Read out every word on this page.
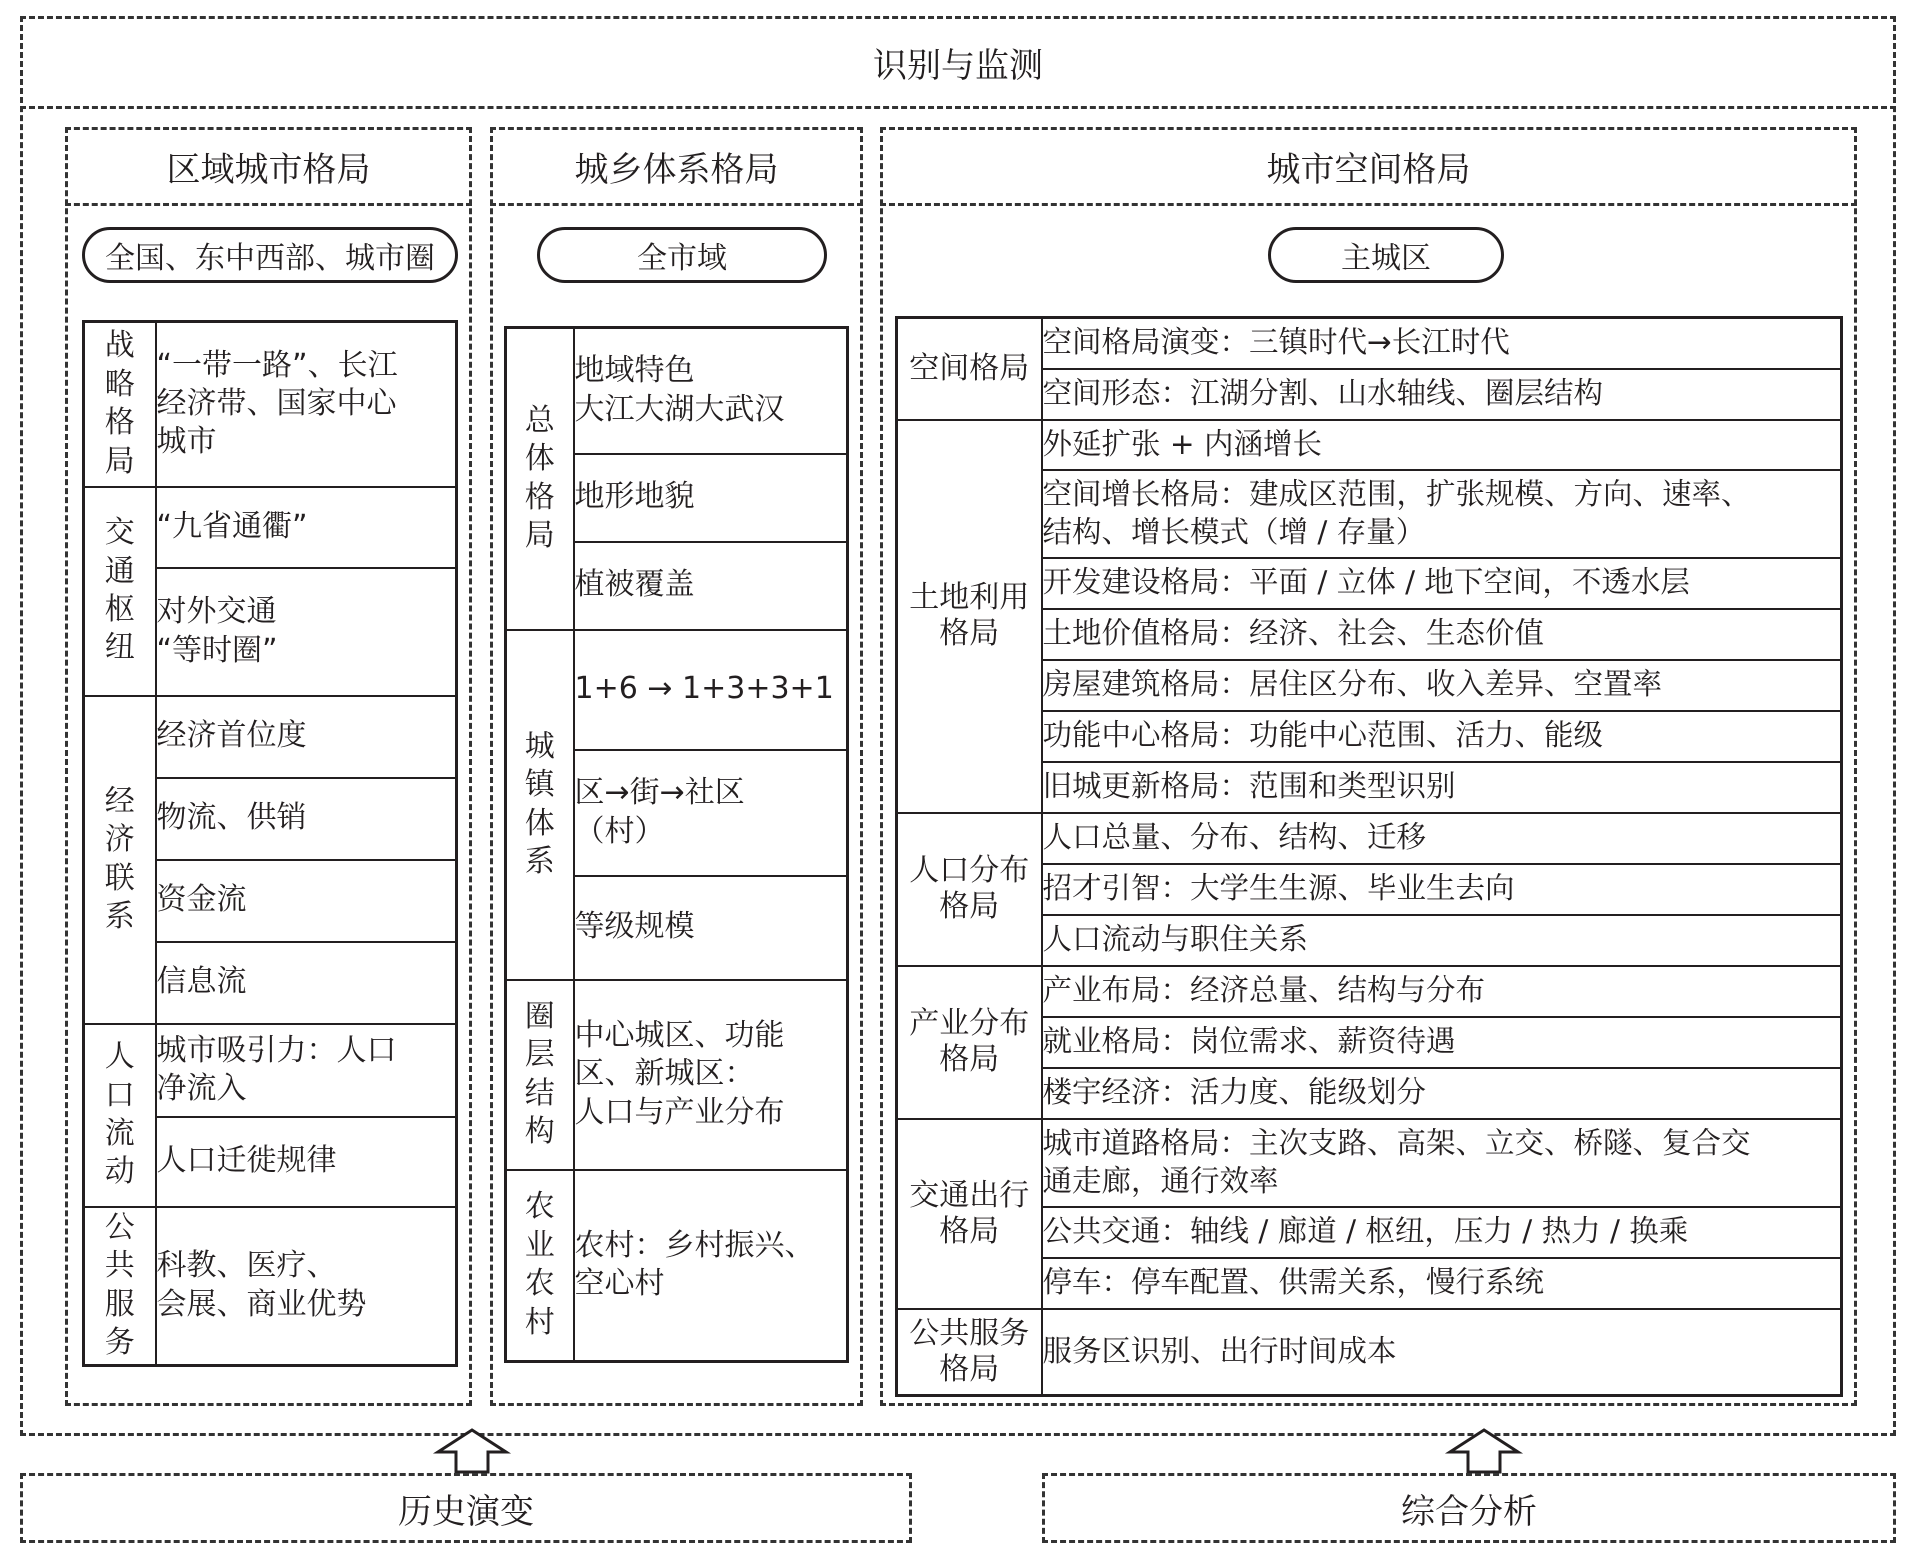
识别与监测
区域城市格局
全国、东中西部、城市圈
战略格局	“一带一路”、长江
经济带、国家中心
城市

交通枢纽	“九省通衢”

	对外交通
“等时圈”

经济联系	经济首位度

	物流、供销

	资金流

	信息流

人口流动	城市吸引力：人口
净流入

	人口迁徙规律

公共服务	科教、医疗、
会展、商业优势
城乡体系格局
全市域
总体格局	地域特色
大江大湖大武汉

	地形地貌

	植被覆盖

城镇体系	1+6 → 1+3+3+1

	区→街→社区
（村）

	等级规模

圈层结构	中心城区、功能
区、新城区：
人口与产业分布

农业农村	农村：乡村振兴、
空心村
城市空间格局
主城区
空间格局	空间格局演变：三镇时代→长江时代
	空间形态：江湖分割、山水轴线、圈层结构

土地利用
格局	外延扩张 + 内涵增长
	空间增长格局：建成区范围，扩张规模、方向、速率、
结构、增长模式（增 / 存量）
	开发建设格局：平面 / 立体 / 地下空间，不透水层
	土地价值格局：经济、社会、生态价值
	房屋建筑格局：居住区分布、收入差异、空置率
	功能中心格局：功能中心范围、活力、能级
	旧城更新格局：范围和类型识别

人口分布
格局	人口总量、分布、结构、迁移
	招才引智：大学生生源、毕业生去向
	人口流动与职住关系

产业分布
格局	产业布局：经济总量、结构与分布
	就业格局：岗位需求、薪资待遇
	楼宇经济：活力度、能级划分

交通出行
格局	城市道路格局：主次支路、高架、立交、桥隧、复合交
通走廊，通行效率
	公共交通：轴线 / 廊道 / 枢纽，压力 / 热力 / 换乘
	停车：停车配置、供需关系，慢行系统

公共服务
格局	服务区识别、出行时间成本
历史演变	综合分析
